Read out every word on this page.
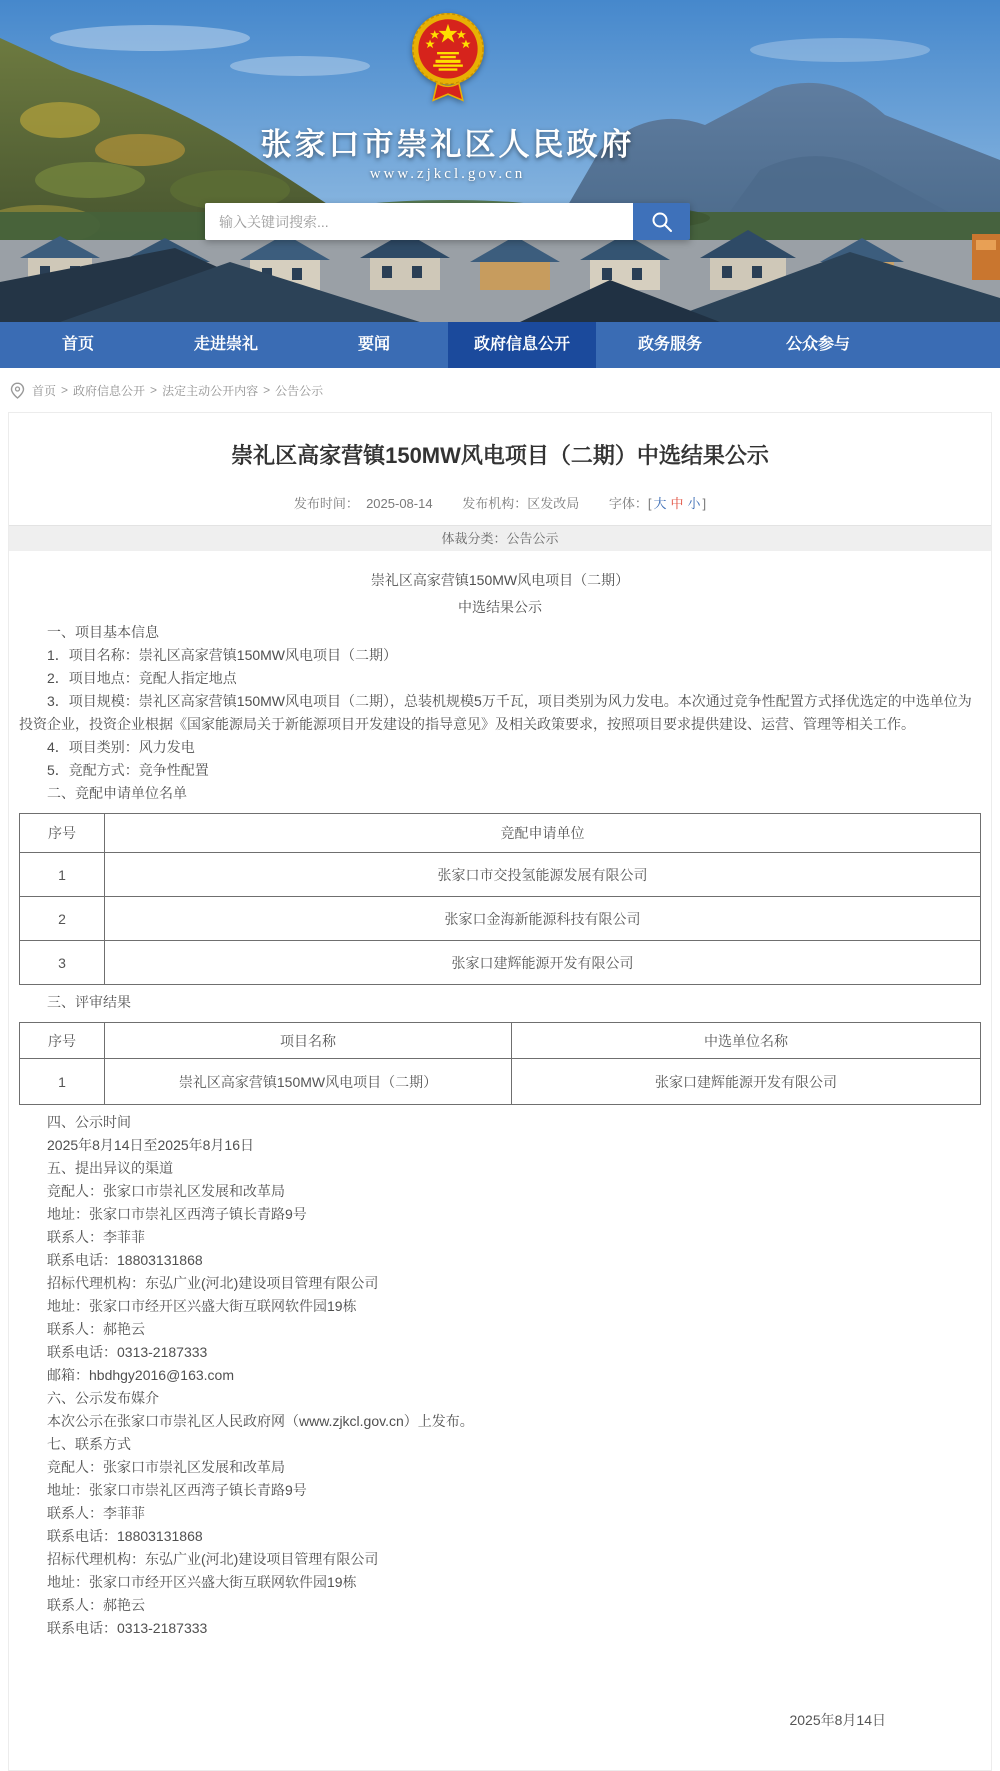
张家口市崇礼区人民政府
www.zjkcl.gov.cn
输入关键词搜索...
首页	走进崇礼	要闻	政府信息公开	政务服务	公众参与
首页 > 政府信息公开 > 法定主动公开内容 > 公告公示
崇礼区高家营镇150MW风电项目（二期）中选结果公示
发布时间： 2025-08-14 发布机构：区发改局 字体：[ 大 中 小 ]
体裁分类：公告公示

崇礼区高家营镇150MW风电项目（二期）

中选结果公示

一、项目基本信息

1．项目名称：崇礼区高家营镇150MW风电项目（二期）

2．项目地点：竞配人指定地点

3．项目规模：崇礼区高家营镇150MW风电项目（二期），总装机规模5万千瓦，项目类别为风力发电。本次通过竞争性配置方式择优选定的中选单位为投资企业，投资企业根据《国家能源局关于新能源项目开发建设的指导意见》及相关政策要求，按照项目要求提供建设、运营、管理等相关工作。

4．项目类别：风力发电

5．竞配方式：竞争性配置

二、竞配申请单位名单

序号	竞配申请单位
1	张家口市交投氢能源发展有限公司
2	张家口金海新能源科技有限公司
3	张家口建辉能源开发有限公司

三、评审结果

序号	项目名称	中选单位名称
1	崇礼区高家营镇150MW风电项目（二期）	张家口建辉能源开发有限公司

四、公示时间

2025年8月14日至2025年8月16日

五、提出异议的渠道

竞配人：张家口市崇礼区发展和改革局

地址：张家口市崇礼区西湾子镇长青路9号

联系人：李菲菲

联系电话：18803131868

招标代理机构：东弘广业(河北)建设项目管理有限公司

地址：张家口市经开区兴盛大街互联网软件园19栋

联系人：郝艳云

联系电话：0313-2187333

邮箱：hbdhgy2016@163.com

六、公示发布媒介

本次公示在张家口市崇礼区人民政府网（www.zjkcl.gov.cn）上发布。

七、联系方式

竞配人：张家口市崇礼区发展和改革局

地址：张家口市崇礼区西湾子镇长青路9号

联系人：李菲菲

联系电话：18803131868

招标代理机构：东弘广业(河北)建设项目管理有限公司

地址：张家口市经开区兴盛大街互联网软件园19栋

联系人：郝艳云

联系电话：0313-2187333

2025年8月14日
